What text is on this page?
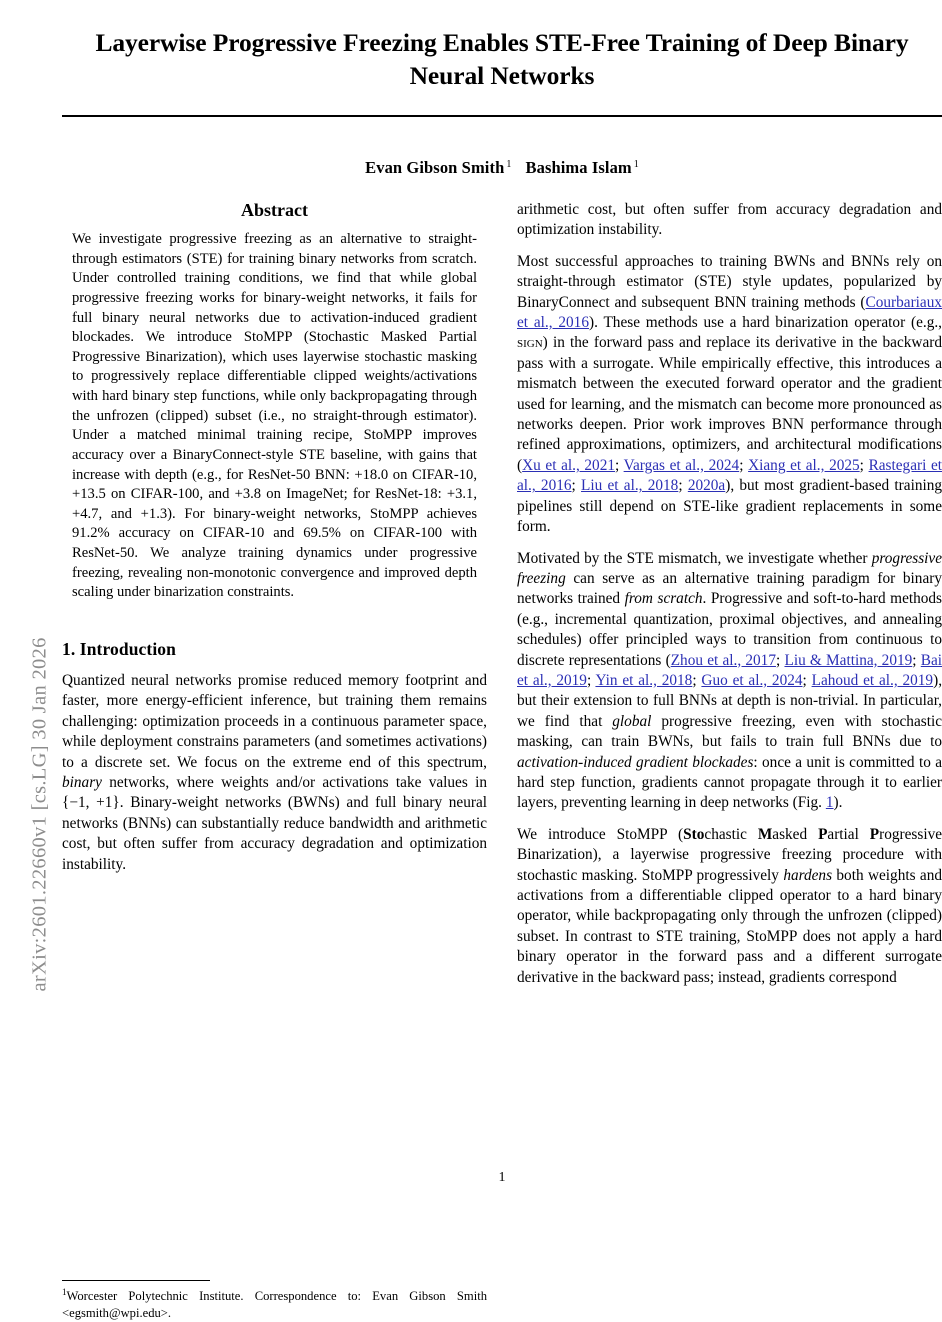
arXiv:2601.22660v1 [cs.LG] 30 Jan 2026
Layerwise Progressive Freezing Enables STE-Free Training of Deep Binary Neural Networks
Evan Gibson Smith $^1$ Bashima Islam $^1$
Abstract
We investigate progressive freezing as an alternative to straight-through estimators (STE) for training binary networks from scratch. Under controlled training conditions, we find that while global progressive freezing works for binary-weight networks, it fails for full binary neural networks due to activation-induced gradient blockades. We introduce StoMPP (Stochastic Masked Partial Progressive Binarization), which uses layerwise stochastic masking to progressively replace differentiable clipped weights/activations with hard binary step functions, while only backpropagating through the unfrozen (clipped) subset (i.e., no straight-through estimator). Under a matched minimal training recipe, StoMPP improves accuracy over a BinaryConnect-style STE baseline, with gains that increase with depth (e.g., for ResNet-50 BNN: +18.0 on CIFAR-10, +13.5 on CIFAR-100, and +3.8 on ImageNet; for ResNet-18: +3.1, +4.7, and +1.3). For binary-weight networks, StoMPP achieves 91.2% accuracy on CIFAR-10 and 69.5% on CIFAR-100 with ResNet-50. We analyze training dynamics under progressive freezing, revealing non-monotonic convergence and improved depth scaling under binarization constraints.
1. Introduction

Quantized neural networks promise reduced memory footprint and faster, more energy-efficient inference, but training them remains challenging: optimization proceeds in a continuous parameter space, while deployment constrains parameters (and sometimes activations) to a discrete set. We focus on the extreme end of this spectrum, binary networks, where weights and/or activations take values in {−1, +1}. Binary-weight networks (BWNs) and full binary neural networks (BNNs) can substantially reduce bandwidth and arithmetic cost, but often suffer from accuracy degradation and optimization instability.

$^1$Worcester Polytechnic Institute. Correspondence to: Evan Gibson Smith <egsmith@wpi.edu>.

arithmetic cost, but often suffer from accuracy degradation and optimization instability.

Most successful approaches to training BWNs and BNNs rely on straight-through estimator (STE) style updates, popularized by BinaryConnect and subsequent BNN training methods (Courbariaux et al., 2016). These methods use a hard binarization operator (e.g., sign) in the forward pass and replace its derivative in the backward pass with a surrogate. While empirically effective, this introduces a mismatch between the executed forward operator and the gradient used for learning, and the mismatch can become more pronounced as networks deepen. Prior work improves BNN performance through refined approximations, optimizers, and architectural modifications (Xu et al., 2021; Vargas et al., 2024; Xiang et al., 2025; Rastegari et al., 2016; Liu et al., 2018; 2020a), but most gradient-based training pipelines still depend on STE-like gradient replacements in some form.

Motivated by the STE mismatch, we investigate whether progressive freezing can serve as an alternative training paradigm for binary networks trained from scratch. Progressive and soft-to-hard methods (e.g., incremental quantization, proximal objectives, and annealing schedules) offer principled ways to transition from continuous to discrete representations (Zhou et al., 2017; Liu & Mattina, 2019; Bai et al., 2019; Yin et al., 2018; Guo et al., 2024; Lahoud et al., 2019), but their extension to full BNNs at depth is non-trivial. In particular, we find that global progressive freezing, even with stochastic masking, can train BWNs, but fails to train full BNNs due to activation-induced gradient blockades: once a unit is committed to a hard step function, gradients cannot propagate through it to earlier layers, preventing learning in deep networks (Fig. 1).

We introduce StoMPP (Stochastic Masked Partial Progressive Binarization), a layerwise progressive freezing procedure with stochastic masking. StoMPP progressively hardens both weights and activations from a differentiable clipped operator to a hard binary operator, while backpropagating only through the unfrozen (clipped) subset. In contrast to STE training, StoMPP does not apply a hard binary operator in the forward pass and a different surrogate derivative in the backward pass; instead, gradients correspond

1
